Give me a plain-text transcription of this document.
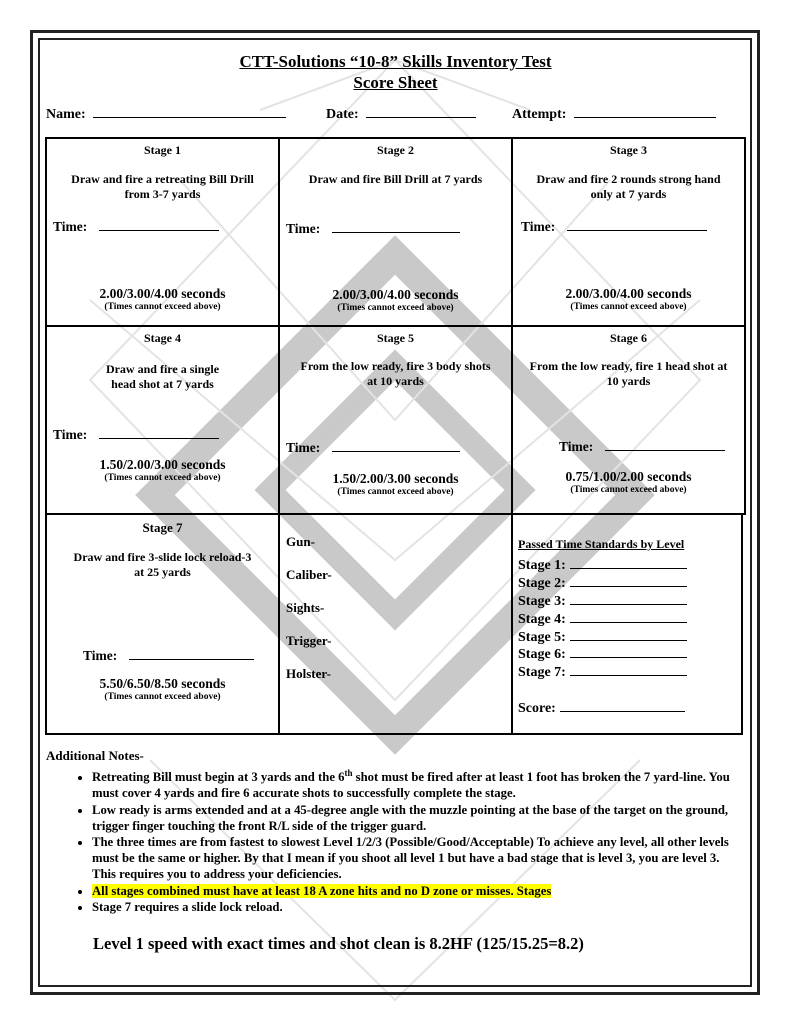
CTT-Solutions “10-8” Skills Inventory Test
Score Sheet
Name:	Date:	Attempt:
Stage 1
Draw and fire a retreating Bill Drill
from 3-7 yards
Time:
2.00/3.00/4.00 seconds
(Times cannot exceed above)
Stage 2
Draw and fire Bill Drill at 7 yards
Time:
2.00/3.00/4.00 seconds
(Times cannot exceed above)
Stage 3
Draw and fire 2 rounds strong hand
only at 7 yards
Time:
2.00/3.00/4.00 seconds
(Times cannot exceed above)
Stage 4
Draw and fire a single
head shot at 7 yards
Time:
1.50/2.00/3.00 seconds
(Times cannot exceed above)
Stage 5
From the low ready, fire 3 body shots
at 10 yards
Time:
1.50/2.00/3.00 seconds
(Times cannot exceed above)
Stage 6
From the low ready, fire 1 head shot at
10 yards
Time:
0.75/1.00/2.00 seconds
(Times cannot exceed above)
Stage 7
Draw and fire 3-slide lock reload-3
at 25 yards
Time:
5.50/6.50/8.50 seconds
(Times cannot exceed above)
Gun-
Caliber-
Sights-
Trigger-
Holster-
Passed Time Standards by Level
Stage 1:
Stage 2:
Stage 3:
Stage 4:
Stage 5:
Stage 6:
Stage 7:
Score:
Additional Notes-
• Retreating Bill must begin at 3 yards and the 6th shot must be fired after at least 1 foot has broken the 7 yard-line. You must cover 4 yards and fire 6 accurate shots to successfully complete the stage.
• Low ready is arms extended and at a 45-degree angle with the muzzle pointing at the base of the target on the ground, trigger finger touching the front R/L side of the trigger guard.
• The three times are from fastest to slowest Level 1/2/3 (Possible/Good/Acceptable) To achieve any level, all other levels must be the same or higher. By that I mean if you shoot all level 1 but have a bad stage that is level 3, you are level 3. This requires you to address your deficiencies.
• All stages combined must have at least 18 A zone hits and no D zone or misses. Stages
• Stage 7 requires a slide lock reload.
Level 1 speed with exact times and shot clean is 8.2HF (125/15.25=8.2)
